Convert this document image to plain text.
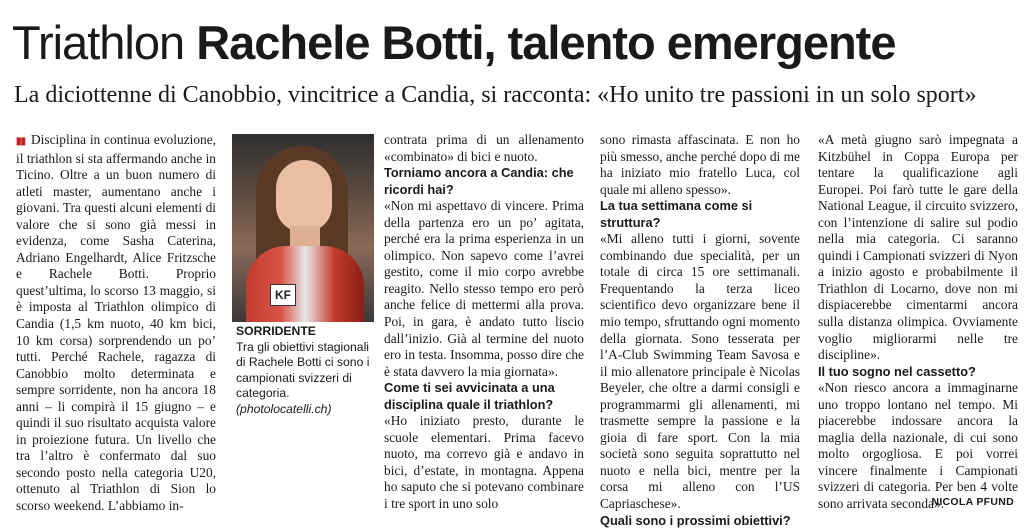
Triathlon Rachele Botti, talento emergente
La diciottenne di Canobbio, vincitrice a Candia, si racconta: «Ho unito tre passioni in un solo sport»

▮▮ Disciplina in continua evoluzione, il triathlon si sta affermando anche in Ticino. Oltre a un buon numero di atleti master, aumentano anche i giovani. Tra questi alcuni elementi di valore che si sono già messi in evidenza, come Sasha Caterina, Adriano Engelhardt, Alice Fritzsche e Rachele Botti. Proprio quest’ultima, lo scorso 13 maggio, si è imposta al Triathlon olimpico di Candia (1,5 km nuoto, 40 km bici, 10 km corsa) sorprendendo un po’ tutti. Perché Rachele, ragazza di Canobbio molto determinata e sempre sorridente, non ha ancora 18 anni – li compirà il 15 giugno – e quindi il suo risultato acquista valore in proiezione futura. Un livello che tra l’altro è confermato dal suo secondo posto nella categoria U20, ottenuto al Triathlon di Sion lo scorso weekend. L’abbiamo in-

KF
SORRIDENTE
Tra gli obiettivi stagionali di Rachele Botti ci sono i campionati svizzeri di categoria.
(photolocatelli.ch)

contrata prima di un allenamento «combinato» di bici e nuoto.

Torniamo ancora a Candia: che ricordi hai?

«Non mi aspettavo di vincere. Prima della partenza ero un po’ agitata, perché era la prima esperienza in un olimpico. Non sapevo come l’avrei gestito, come il mio corpo avrebbe reagito. Nello stesso tempo ero però anche felice di mettermi alla prova. Poi, in gara, è andato tutto liscio dall’inizio. Già al termine del nuoto ero in testa. Insomma, posso dire che è stata davvero la mia giornata».

Come ti sei avvicinata a una disciplina quale il triathlon?

«Ho iniziato presto, durante le scuole elementari. Prima facevo nuoto, ma correvo già e andavo in bici, d’estate, in montagna. Appena ho saputo che si potevano combinare i tre sport in uno solo

sono rimasta affascinata. E non ho più smesso, anche perché dopo di me ha iniziato mio fratello Luca, col quale mi alleno spesso».

La tua settimana come si struttura?

«Mi alleno tutti i giorni, sovente combinando due specialità, per un totale di circa 15 ore settimanali. Frequentando la terza liceo scientifico devo organizzare bene il mio tempo, sfruttando ogni momento della giornata. Sono tesserata per l’A-Club Swimming Team Savosa e il mio allenatore principale è Nicolas Beyeler, che oltre a darmi consigli e programmarmi gli allenamenti, mi trasmette sempre la passione e la gioia di fare sport. Con la mia società sono seguita soprattutto nel nuoto e nella bici, mentre per la corsa mi alleno con l’US Capriaschese».

Quali sono i prossimi obiettivi?

«A metà giugno sarò impegnata a Kitzbühel in Coppa Europa per tentare la qualificazione agli Europei. Poi farò tutte le gare della National League, il circuito svizzero, con l’intenzione di salire sul podio nella mia categoria. Ci saranno quindi i Campionati svizzeri di Nyon a inizio agosto e probabilmente il Triathlon di Locarno, dove non mi dispiacerebbe cimentarmi ancora sulla distanza olimpica. Ovviamente voglio migliorarmi nelle tre discipline».

Il tuo sogno nel cassetto?

«Non riesco ancora a immaginarne uno troppo lontano nel tempo. Mi piacerebbe indossare ancora la maglia della nazionale, di cui sono molto orgogliosa. E poi vorrei vincere finalmente i Campionati svizzeri di categoria. Per ben 4 volte sono arrivata seconda».

NICOLA PFUND
